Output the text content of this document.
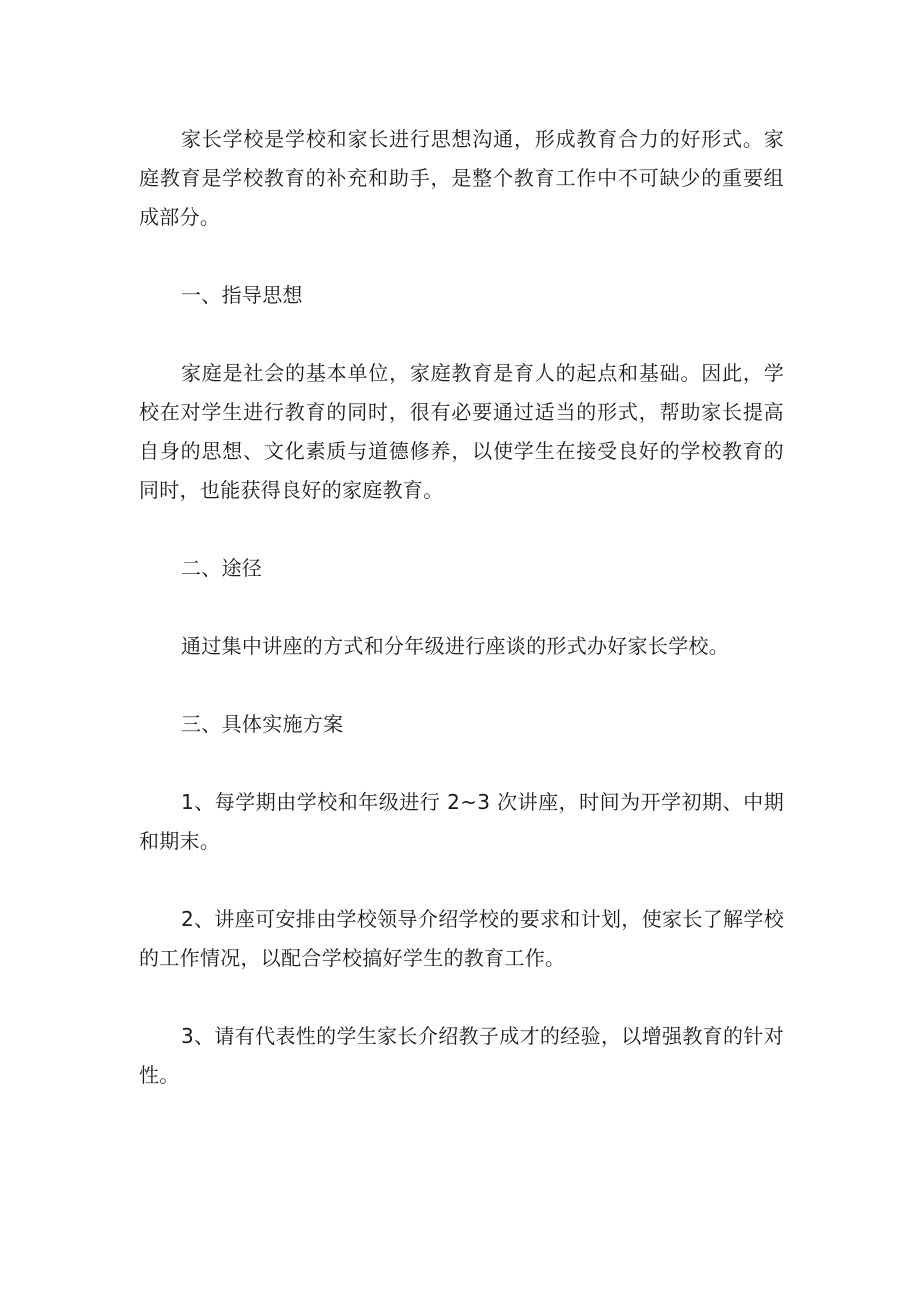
家长学校是学校和家长进行思想沟通，形成教育合力的好形式。家庭教育是学校教育的补充和助手，是整个教育工作中不可缺少的重要组成部分。

一、指导思想

家庭是社会的基本单位，家庭教育是育人的起点和基础。因此，学校在对学生进行教育的同时，很有必要通过适当的形式，帮助家长提高自身的思想、文化素质与道德修养，以使学生在接受良好的学校教育的同时，也能获得良好的家庭教育。

二、途径

通过集中讲座的方式和分年级进行座谈的形式办好家长学校。

三、具体实施方案

1、每学期由学校和年级进行 2~3 次讲座，时间为开学初期、中期和期末。

2、讲座可安排由学校领导介绍学校的要求和计划，使家长了解学校的工作情况，以配合学校搞好学生的教育工作。

3、请有代表性的学生家长介绍教子成才的经验，以增强教育的针对性。
